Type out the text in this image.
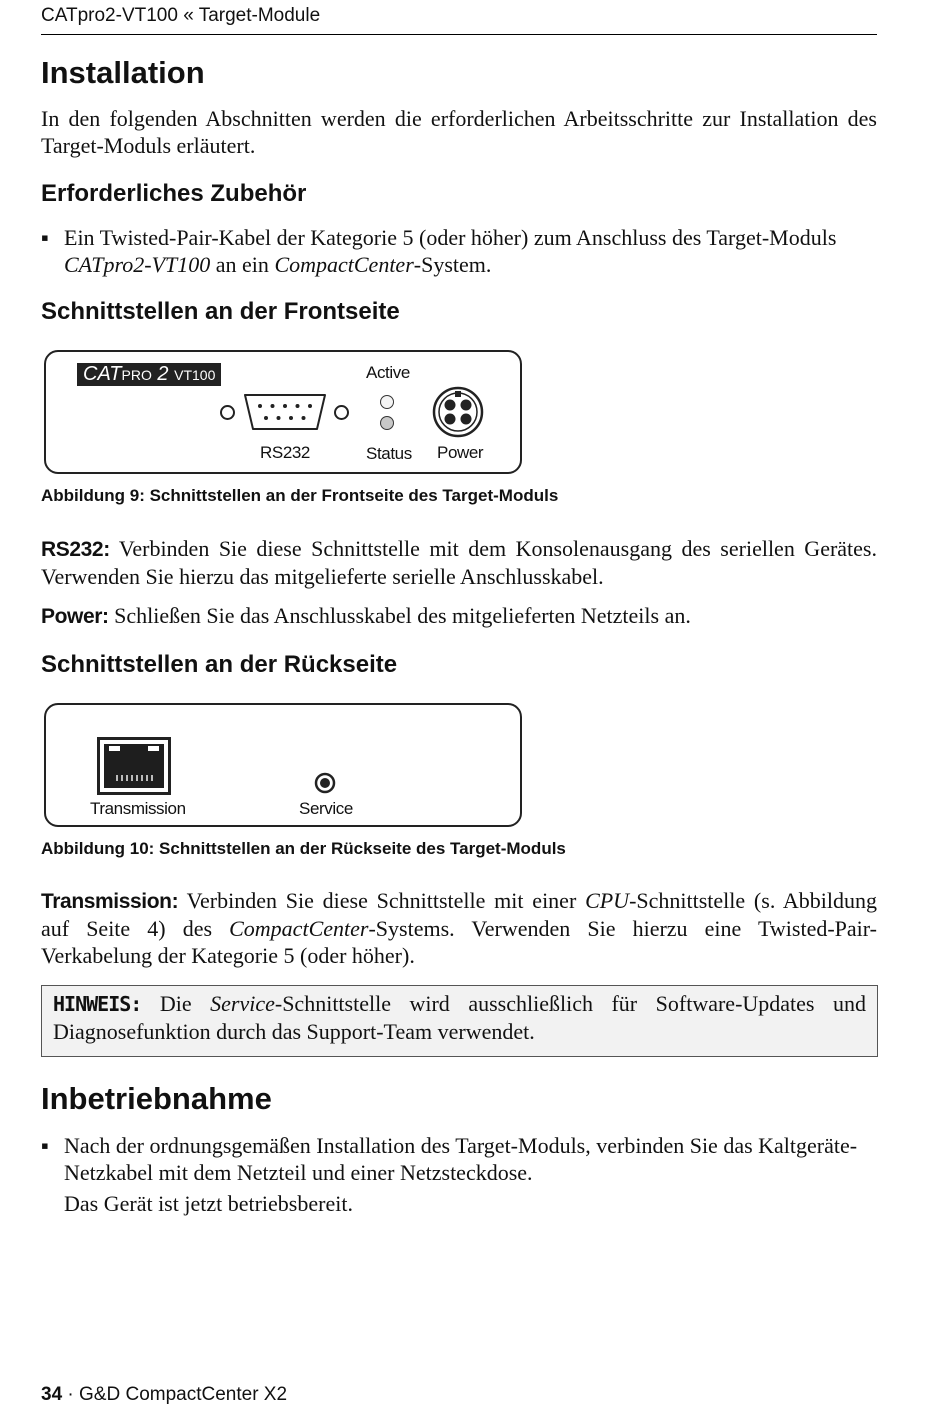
CATpro2-VT100 « Target-Module
Installation
In den folgenden Abschnitten werden die erforderlichen Arbeitsschritte zur Installation des Target-Moduls erläutert.
Erforderliches Zubehör
▪ Ein Twisted-Pair-Kabel der Kategorie 5 (oder höher) zum Anschluss des Target-Moduls CATpro2-VT100 an ein CompactCenter-System.
Schnittstellen an der Frontseite
CATPRO 2 VT100
RS232
Active
Status Power
Abbildung 9: Schnittstellen an der Frontseite des Target-Moduls
RS232: Verbinden Sie diese Schnittstelle mit dem Konsolenausgang des seriellen Gerätes. Verwenden Sie hierzu das mitgelieferte serielle Anschlusskabel.
Power: Schließen Sie das Anschlusskabel des mitgelieferten Netzteils an.
Schnittstellen an der Rückseite
Transmission	Service
Abbildung 10: Schnittstellen an der Rückseite des Target-Moduls
Transmission: Verbinden Sie diese Schnittstelle mit einer CPU-Schnittstelle (s. Abbildung auf Seite 4) des CompactCenter-Systems. Verwenden Sie hierzu eine Twisted-Pair-Verkabelung der Kategorie 5 (oder höher).
HINWEIS: Die Service-Schnittstelle wird ausschließlich für Software-Updates und Diagnosefunktion durch das Support-Team verwendet.
Inbetriebnahme
▪ Nach der ordnungsgemäßen Installation des Target-Moduls, verbinden Sie das Kaltgeräte-Netzkabel mit dem Netzteil und einer Netzsteckdose.
Das Gerät ist jetzt betriebsbereit.
34 · G&D CompactCenter X2
